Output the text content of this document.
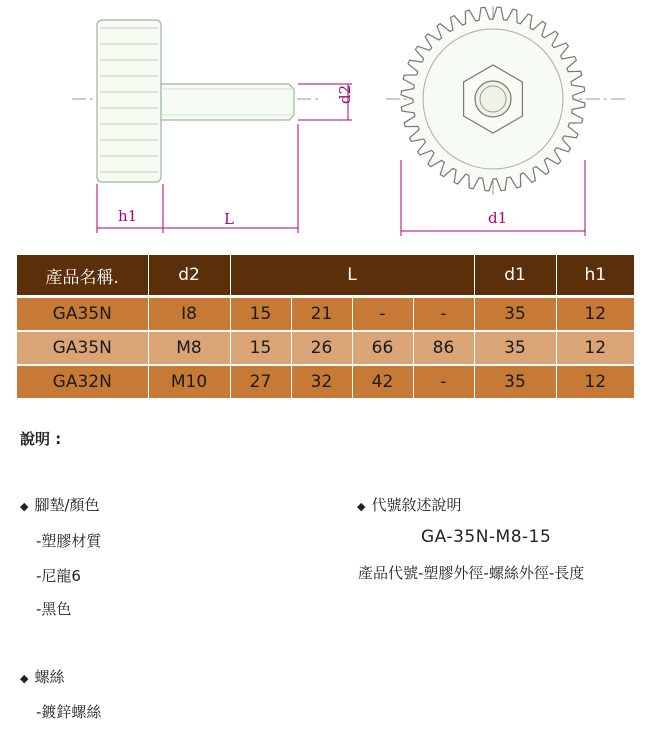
h1	L
d2
d1
產品名稱.	d2	L				d1	h1
GA35N	I8	15	21	-	-	35	12
GA35N	M8	15	26	66	86	35	12
GA32N	M10	27	32	42	-	35	12
說明 :
◆ 腳墊/顏色
-塑膠材質
-尼龍6
-黑色
◆ 螺絲
-鍍鋅螺絲
◆ 代號敘述說明
GA-35N-M8-15
產品代號-塑膠外徑-螺絲外徑-長度
